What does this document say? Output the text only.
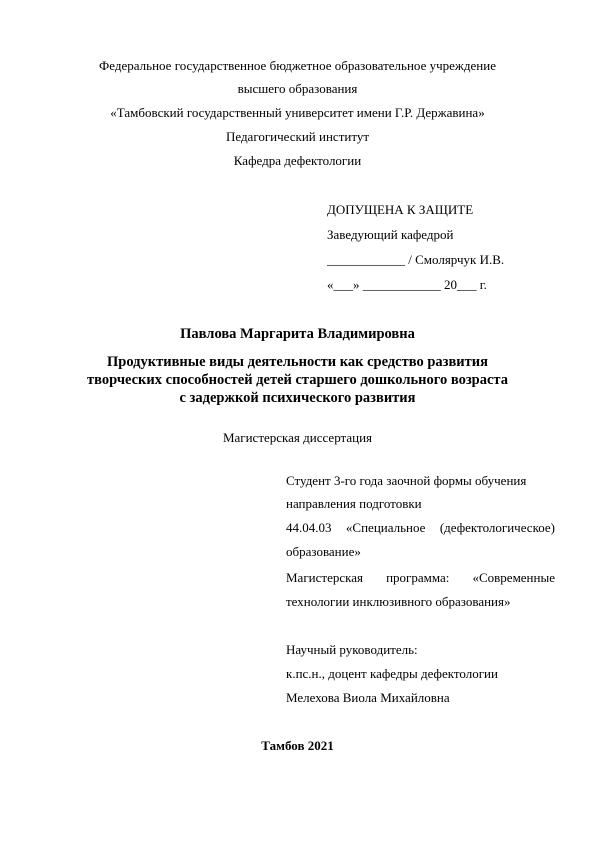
Федеральное государственное бюджетное образовательное учреждение
высшего образования
«Тамбовский государственный университет имени Г.Р. Державина»
Педагогический институт
Кафедра дефектологии
ДОПУЩЕНА К ЗАЩИТЕ
Заведующий кафедрой
____________ / Смолярчук И.В.
«___» ____________ 20___ г.
Павлова Маргарита Владимировна
Продуктивные виды деятельности как средство развития
творческих способностей детей старшего дошкольного возраста
с задержкой психического развития
Магистерская диссертация
Студент 3-го года заочной формы обучения
направления подготовки
44.04.03 «Специальное (дефектологическое)
образование»
Магистерская программа: «Современные
технологии инклюзивного образования»
Научный руководитель:
к.пс.н., доцент кафедры дефектологии
Мелехова Виола Михайловна
Тамбов 2021
